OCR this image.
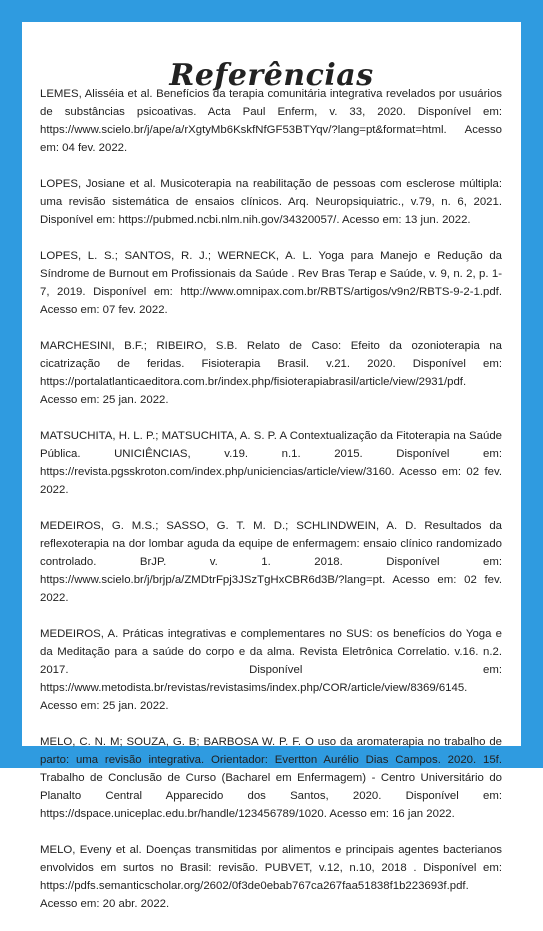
Referências

LEMES, Alisséia et al. Benefícios da terapia comunitária integrativa revelados por usuários de substâncias psicoativas. Acta Paul Enferm, v. 33, 2020. Disponível em: https://www.scielo.br/j/ape/a/rXgtyMb6KskfNfGF53BTYqv/?lang=pt&format=html. Acesso em: 04 fev. 2022.

LOPES, Josiane et al. Musicoterapia na reabilitação de pessoas com esclerose múltipla: uma revisão sistemática de ensaios clínicos. Arq. Neuropsiquiatric., v.79, n. 6, 2021. Disponível em: https://pubmed.ncbi.nlm.nih.gov/34320057/. Acesso em: 13 jun. 2022.

LOPES, L. S.; SANTOS, R. J.; WERNECK, A. L. Yoga para Manejo e Redução da Síndrome de Burnout em Profissionais da Saúde . Rev Bras Terap e Saúde, v. 9, n. 2, p. 1-7, 2019. Disponível em: http://www.omnipax.com.br/RBTS/artigos/v9n2/RBTS-9-2-1.pdf. Acesso em: 07 fev. 2022.

MARCHESINI, B.F.; RIBEIRO, S.B. Relato de Caso: Efeito da ozonioterapia na cicatrização de feridas. Fisioterapia Brasil. v.21. 2020. Disponível em: https://portalatlanticaeditora.com.br/index.php/fisioterapiabrasil/article/view/2931/pdf. Acesso em: 25 jan. 2022.

MATSUCHITA, H. L. P.; MATSUCHITA, A. S. P. A Contextualização da Fitoterapia na Saúde Pública. UNICIÊNCIAS, v.19. n.1. 2015. Disponível em: https://revista.pgsskroton.com/index.php/uniciencias/article/view/3160. Acesso em: 02 fev. 2022.

MEDEIROS, G. M.S.; SASSO, G. T. M. D.; SCHLINDWEIN, A. D. Resultados da reflexoterapia na dor lombar aguda da equipe de enfermagem: ensaio clínico randomizado controlado. BrJP. v. 1. 2018. Disponível em: https://www.scielo.br/j/brjp/a/ZMDtrFpj3JSzTgHxCBR6d3B/?lang=pt. Acesso em: 02 fev. 2022.

MEDEIROS, A. Práticas integrativas e complementares no SUS: os benefícios do Yoga e da Meditação para a saúde do corpo e da alma. Revista Eletrônica Correlatio. v.16. n.2. 2017. Disponível em: https://www.metodista.br/revistas/revistasims/index.php/COR/article/view/8369/6145. Acesso em: 25 jan. 2022.

MELO, C. N. M; SOUZA, G. B; BARBOSA W. P. F. O uso da aromaterapia no trabalho de parto: uma revisão integrativa. Orientador: Evertton Aurélio Dias Campos. 2020. 15f. Trabalho de Conclusão de Curso (Bacharel em Enfermagem) - Centro Universitário do Planalto Central Apparecido dos Santos, 2020. Disponível em: https://dspace.uniceplac.edu.br/handle/123456789/1020. Acesso em: 16 jan 2022.

MELO, Eveny et al. Doenças transmitidas por alimentos e principais agentes bacterianos envolvidos em surtos no Brasil: revisão. PUBVET, v.12, n.10, 2018 . Disponível em: https://pdfs.semanticscholar.org/2602/0f3de0ebab767ca267faa51838f1b223693f.pdf. Acesso em: 20 abr. 2022.
